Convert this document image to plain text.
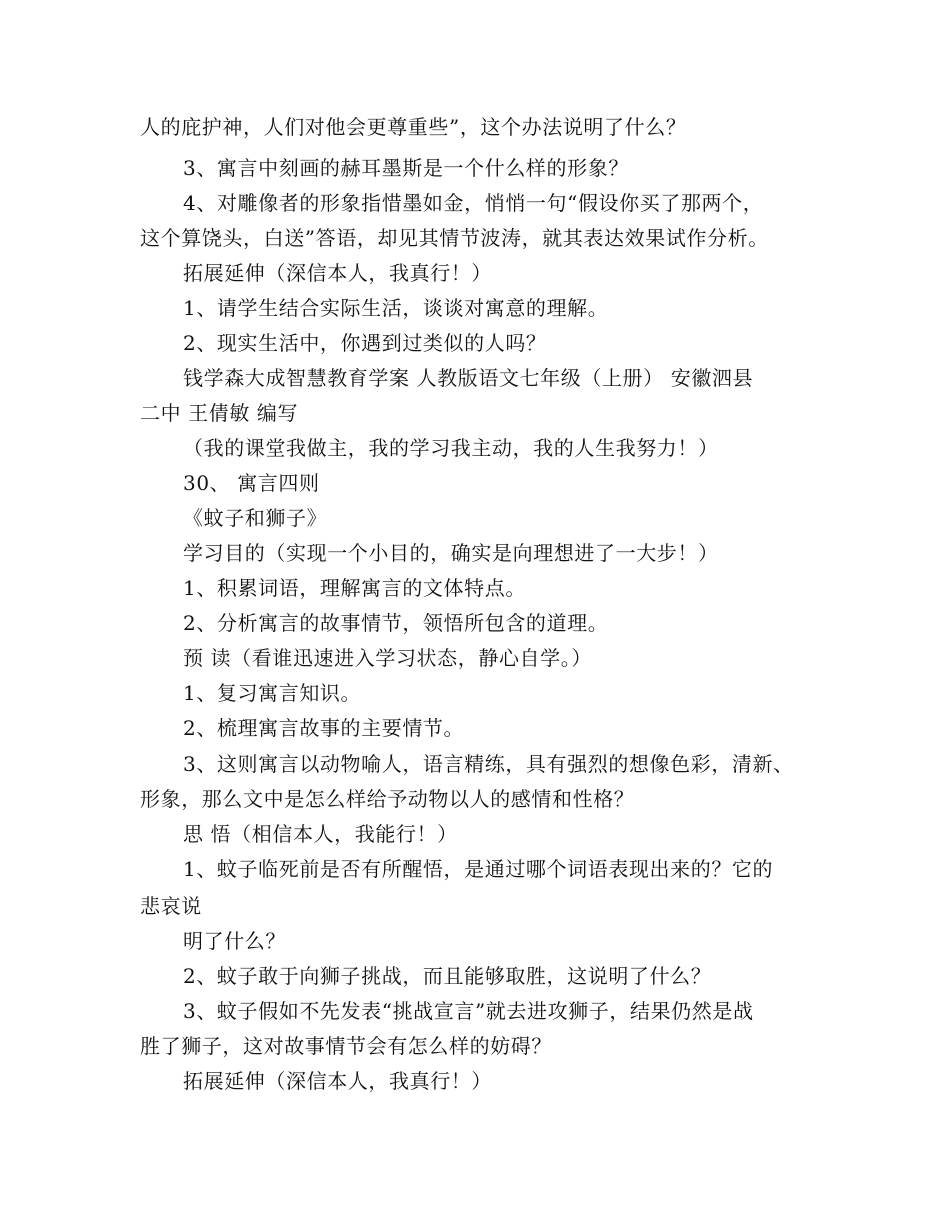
人的庇护神，人们对他会更尊重些”，这个办法说明了什么？
3、寓言中刻画的赫耳墨斯是一个什么样的形象？
4、对雕像者的形象指惜墨如金，悄悄一句“假设你买了那两个，
这个算饶头，白送”答语，却见其情节波涛，就其表达效果试作分析。
拓展延伸（深信本人，我真行！）
1、请学生结合实际生活，谈谈对寓意的理解。
2、现实生活中，你遇到过类似的人吗？
钱学森大成智慧教育学案 人教版语文七年级（上册） 安徽泗县
二中 王倩敏 编写
（我的课堂我做主，我的学习我主动，我的人生我努力！）
30、 寓言四则
《蚊子和狮子》
学习目的（实现一个小目的，确实是向理想进了一大步！）
1、积累词语，理解寓言的文体特点。
2、分析寓言的故事情节，领悟所包含的道理。
预 读（看谁迅速进入学习状态，静心自学。）
1、复习寓言知识。
2、梳理寓言故事的主要情节。
3、这则寓言以动物喻人，语言精练，具有强烈的想像色彩，清新、
形象，那么文中是怎么样给予动物以人的感情和性格？
思 悟（相信本人，我能行！）
1、蚊子临死前是否有所醒悟，是通过哪个词语表现出来的？它的
悲哀说
明了什么？
2、蚊子敢于向狮子挑战，而且能够取胜，这说明了什么？
3、蚊子假如不先发表“挑战宣言”就去进攻狮子，结果仍然是战
胜了狮子，这对故事情节会有怎么样的妨碍？
拓展延伸（深信本人，我真行！）
